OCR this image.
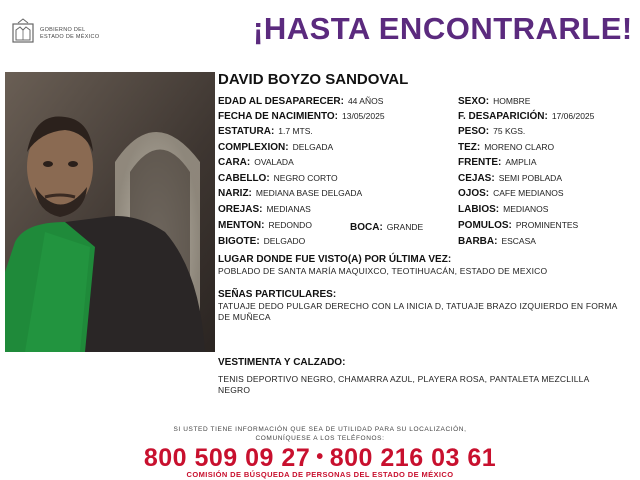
GOBIERNO DEL
ESTADO DE MÉXICO	¡HASTA ENCONTRARLE!
DAVID BOYZO SANDOVAL
EDAD AL DESAPARECER: 44 AÑOS
FECHA DE NACIMIENTO: 13/05/2025
ESTATURA: 1.7 MTS.
COMPLEXION: DELGADA
CARA: OVALADA
CABELLO: NEGRO CORTO
NARIZ: MEDIANA BASE DELGADA
OREJAS: MEDIANAS
MENTON: REDONDO	BOCA: GRANDE
BIGOTE: DELGADO
SEXO: HOMBRE
F. DESAPARICIÓN: 17/06/2025
PESO: 75 KGS.
TEZ: MORENO CLARO
FRENTE: AMPLIA
CEJAS: SEMI POBLADA
OJOS: CAFE MEDIANOS
LABIOS: MEDIANOS
POMULOS: PROMINENTES
BARBA: ESCASA
LUGAR DONDE FUE VISTO(A) POR ÚLTIMA VEZ:
POBLADO DE SANTA MARÍA MAQUIXCO, TEOTIHUACÁN, ESTADO DE MEXICO
SEÑAS PARTICULARES:
TATUAJE DEDO PULGAR DERECHO CON LA INICIA D, TATUAJE BRAZO IZQUIERDO EN FORMA DE MUÑECA
VESTIMENTA Y CALZADO:
TENIS DEPORTIVO NEGRO, CHAMARRA AZUL, PLAYERA ROSA, PANTALETA MEZCLILLA NEGRO
SI USTED TIENE INFORMACIÓN QUE SEA DE UTILIDAD PARA SU LOCALIZACIÓN,
COMUNÍQUESE A LOS TELÉFONOS:
800 509 09 27 • 800 216 03 61
COMISIÓN DE BÚSQUEDA DE PERSONAS DEL ESTADO DE MÉXICO
